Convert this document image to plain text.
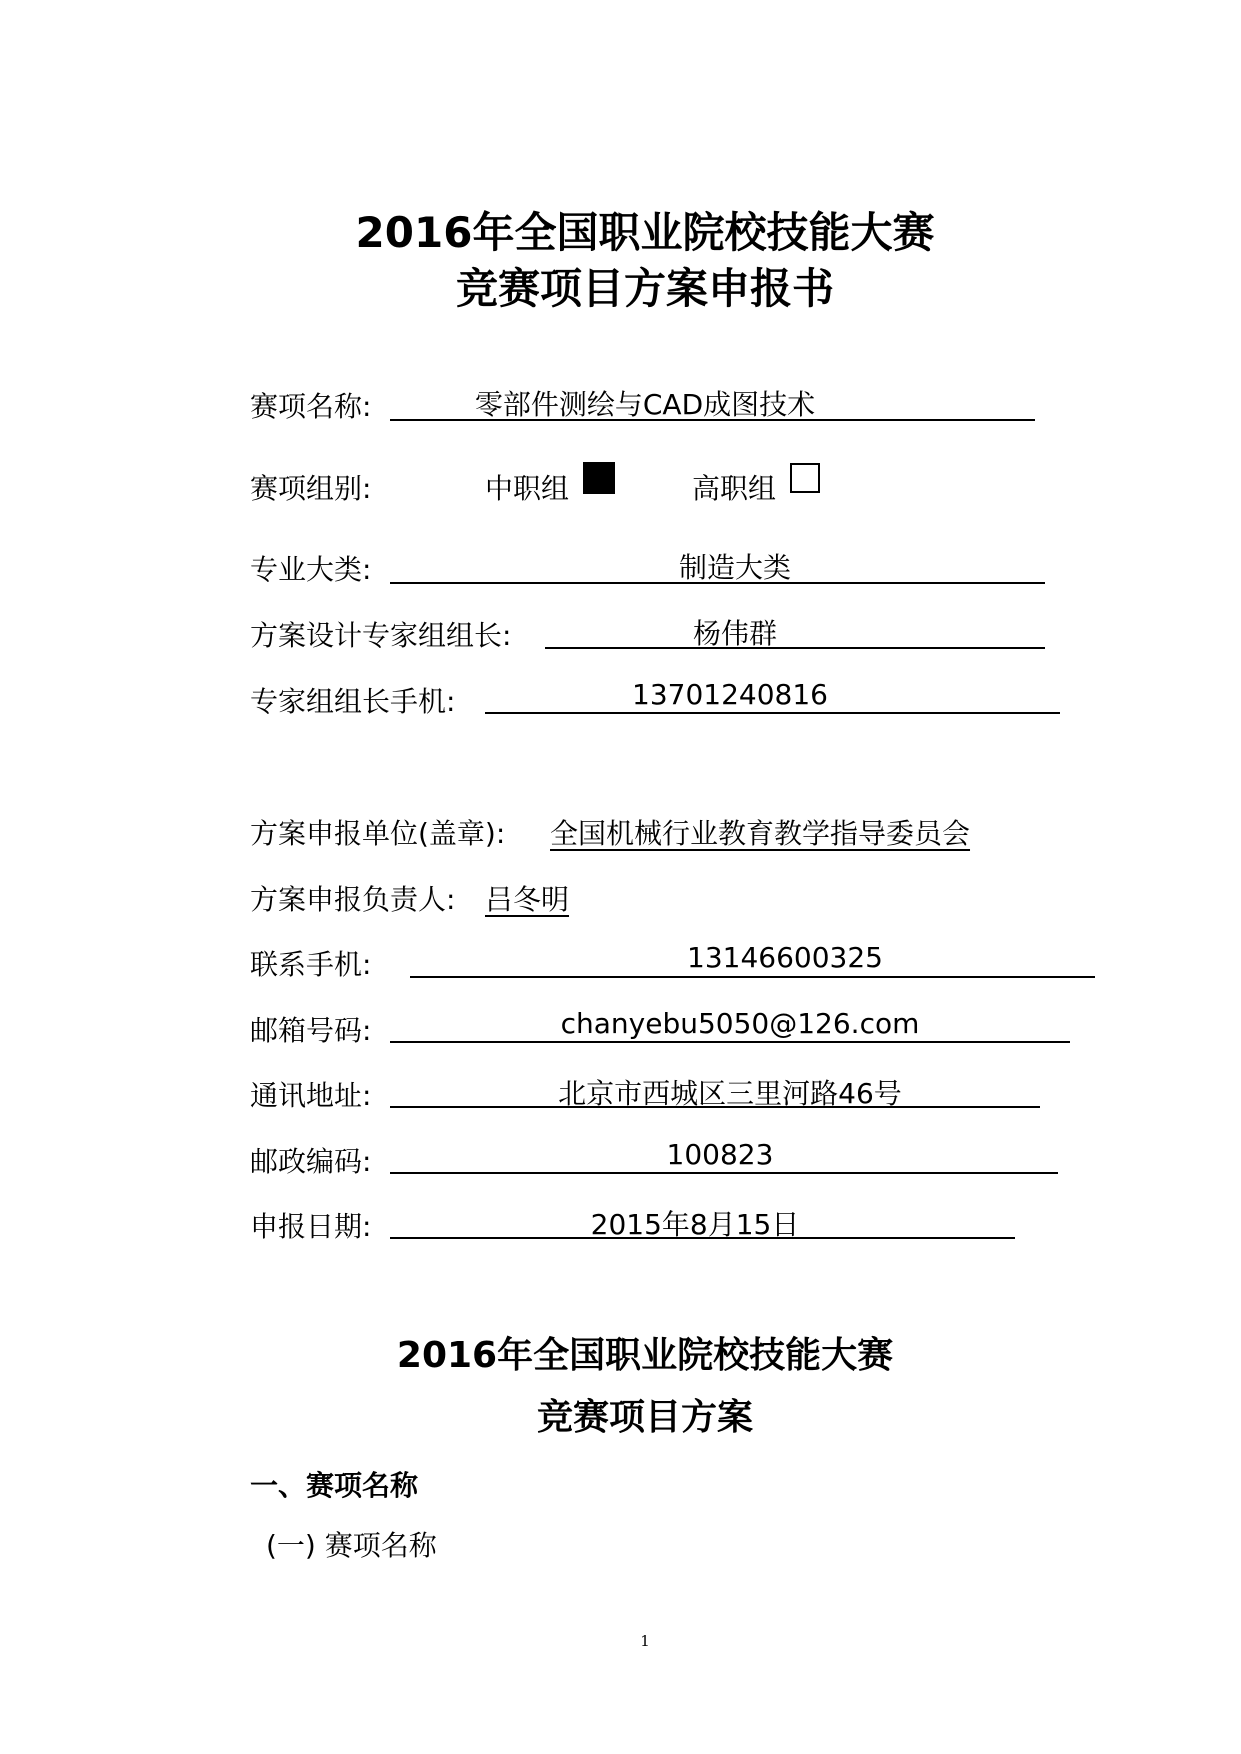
2016年全国职业院校技能大赛
竞赛项目方案申报书
赛项名称:	零部件测绘与CAD成图技术
赛项组别:	中职组	高职组
专业大类:	制造大类
方案设计专家组组长:	杨伟群
专家组组长手机:	13701240816
方案申报单位(盖章): 全国机械行业教育教学指导委员会
方案申报负责人: 吕冬明
联系手机:	13146600325
邮箱号码:	chanyebu5050@126.com
通讯地址:	北京市西城区三里河路46号
邮政编码:	100823
申报日期:	2015年8月15日
2016年全国职业院校技能大赛
竞赛项目方案
一、赛项名称
(一) 赛项名称
1
